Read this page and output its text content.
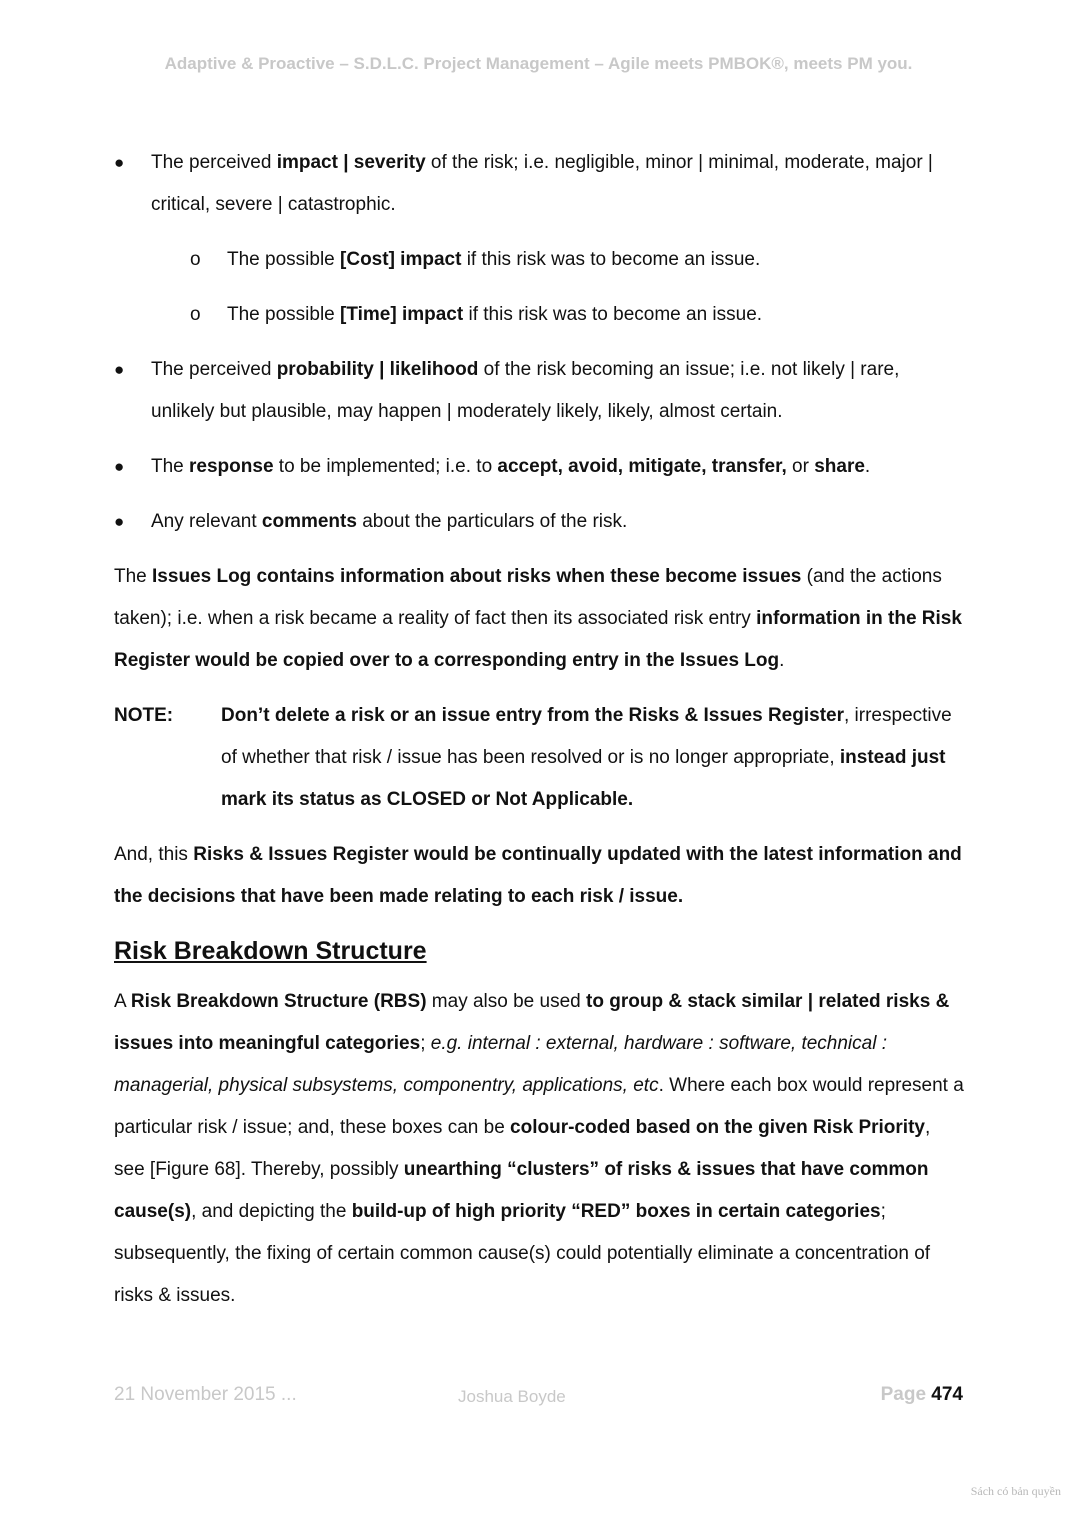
Adaptive & Proactive – S.D.L.C. Project Management – Agile meets PMBOK®, meets PM you.
● The perceived impact | severity of the risk; i.e. negligible, minor | minimal, moderate, major | critical, severe | catastrophic.
o The possible [Cost] impact if this risk was to become an issue.
o The possible [Time] impact if this risk was to become an issue.
● The perceived probability | likelihood of the risk becoming an issue; i.e. not likely | rare, unlikely but plausible, may happen | moderately likely, likely, almost certain.
● The response to be implemented; i.e. to accept, avoid, mitigate, transfer, or share.
● Any relevant comments about the particulars of the risk.

The Issues Log contains information about risks when these become issues (and the actions taken); i.e. when a risk became a reality of fact then its associated risk entry information in the Risk Register would be copied over to a corresponding entry in the Issues Log.

NOTE:	Don’t delete a risk or an issue entry from the Risks & Issues Register, irrespective of whether that risk / issue has been resolved or is no longer appropriate, instead just mark its status as CLOSED or Not Applicable.

And, this Risks & Issues Register would be continually updated with the latest information and the decisions that have been made relating to each risk / issue.

Risk Breakdown Structure

A Risk Breakdown Structure (RBS) may also be used to group & stack similar | related risks & issues into meaningful categories; e.g. internal : external, hardware : software, technical : managerial, physical subsystems, componentry, applications, etc. Where each box would represent a particular risk / issue; and, these boxes can be colour-coded based on the given Risk Priority, see [Figure 68]. Thereby, possibly unearthing “clusters” of risks & issues that have common cause(s), and depicting the build-up of high priority “RED” boxes in certain categories; subsequently, the fixing of certain common cause(s) could potentially eliminate a concentration of risks & issues.

21 November 2015 ...	Joshua Boyde	Page 474
Sách có bản quyền
